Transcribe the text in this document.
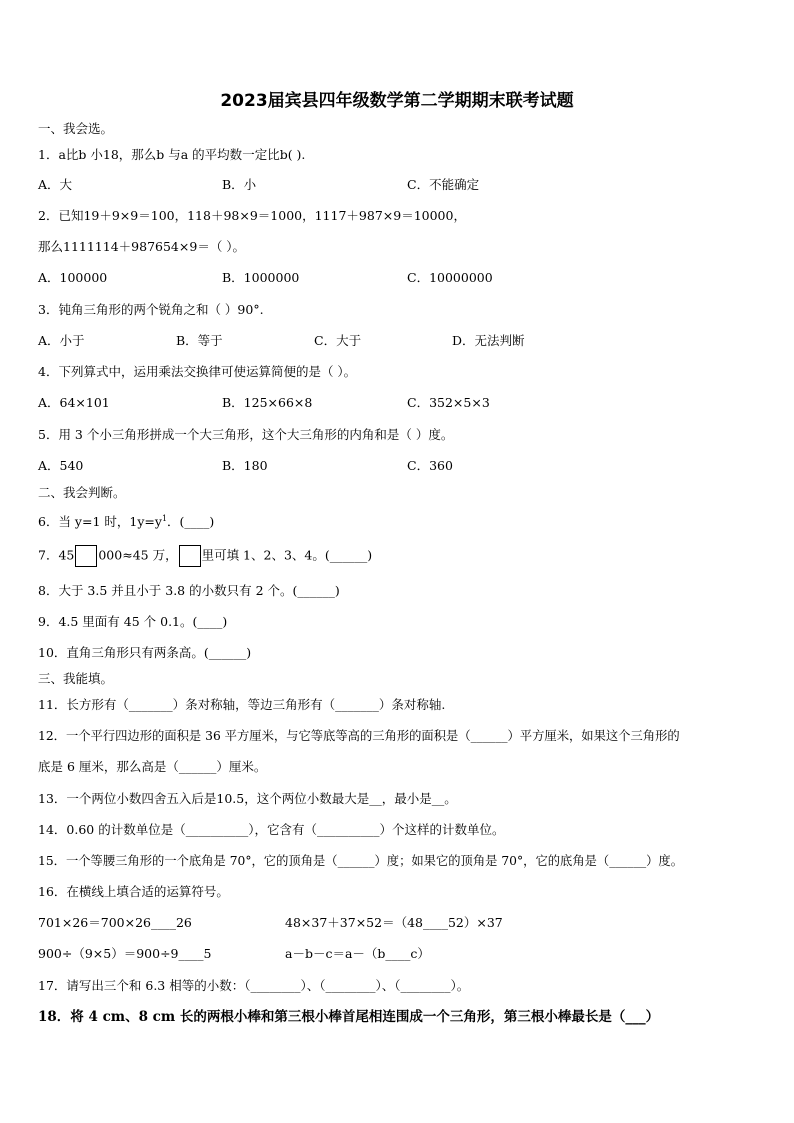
2023届宾县四年级数学第二学期期末联考试题
一、我会选。
1．a比b 小18，那么b 与a 的平均数一定比b( ).
A．大	B．小	C．不能确定
2．已知19＋9×9＝100，118＋98×9＝1000，1117＋987×9＝10000，
那么1111114＋987654×9＝（ ）。
A．100000	B．1000000	C．10000000
3．钝角三角形的两个锐角之和（ ）90°.
A．小于	B．等于	C．大于	D．无法判断
4．下列算式中，运用乘法交换律可使运算简便的是（ ）。
A．64×101	B．125×66×8	C．352×5×3
5．用 3 个小三角形拼成一个大三角形，这个大三角形的内角和是（ ）度。
A．540	B．180	C．360
二、我会判断。
6．当 y=1 时，$1y=y^1$．(____)
7．45 000≈45 万， 里可填 1、2、3、4。(______)
8．大于 3.5 并且小于 3.8 的小数只有 2 个。(______)
9．4.5 里面有 45 个 0.1。(____)
10．直角三角形只有两条高。(______)
三、我能填。
11．长方形有（_______）条对称轴，等边三角形有（_______）条对称轴.
12．一个平行四边形的面积是 36 平方厘米，与它等底等高的三角形的面积是（______）平方厘米，如果这个三角形的
底是 6 厘米，那么高是（______）厘米。
13．一个两位小数四舍五入后是10.5，这个两位小数最大是__，最小是__。
14．0.60 的计数单位是（__________），它含有（__________）个这样的计数单位。
15．一个等腰三角形的一个底角是 70°，它的顶角是（______）度；如果它的顶角是 70°，它的底角是（______）度。
16．在横线上填合适的运算符号。
701×26＝700×26____26	48×37＋37×52＝（48____52）×37
900÷（9×5）＝900÷9____5	a－b－c＝a－（b____c）
17．请写出三个和 6.3 相等的小数：（________）、（________）、（________）。
18．将 4 cm、8 cm 长的两根小棒和第三根小棒首尾相连围成一个三角形，第三根小棒最长是（___）
